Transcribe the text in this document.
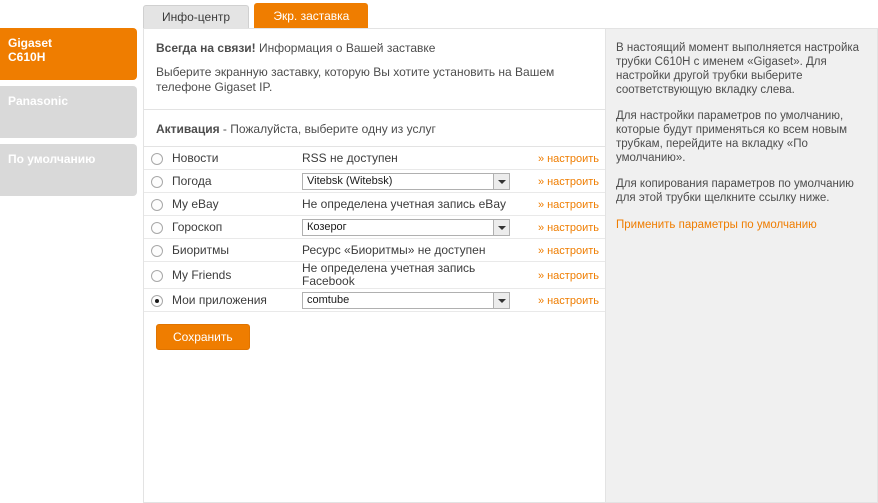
Gigaset
C610H
Panasonic
По умолчанию
Инфо-центр	Экр. заставка
Всегда на связи! Информация о Вашей заставке
Выберите экранную заставку, которую Вы хотите установить на Вашем телефоне Gigaset IP.
Активация - Пожалуйста, выберите одну из услуг
	Новости	RSS не доступен	» настроить
	Погода	Vitebsk (Witebsk)	» настроить
	My eBay	Не определена учетная запись eBay	» настроить
	Гороскоп	Козерог	» настроить
	Биоритмы	Ресурс «Биоритмы» не доступен	» настроить
	My Friends	Не определена учетная запись Facebook	» настроить
	Мои приложения	comtube	» настроить
Сохранить

В настоящий момент выполняется настройка трубки C610H с именем «Gigaset». Для настройки другой трубки выберите соответствующую вкладку слева.

Для настройки параметров по умолчанию, которые будут применяться ко всем новым трубкам, перейдите на вкладку «По умолчанию».

Для копирования параметров по умолчанию для этой трубки щелкните ссылку ниже.

Применить параметры по умолчанию
